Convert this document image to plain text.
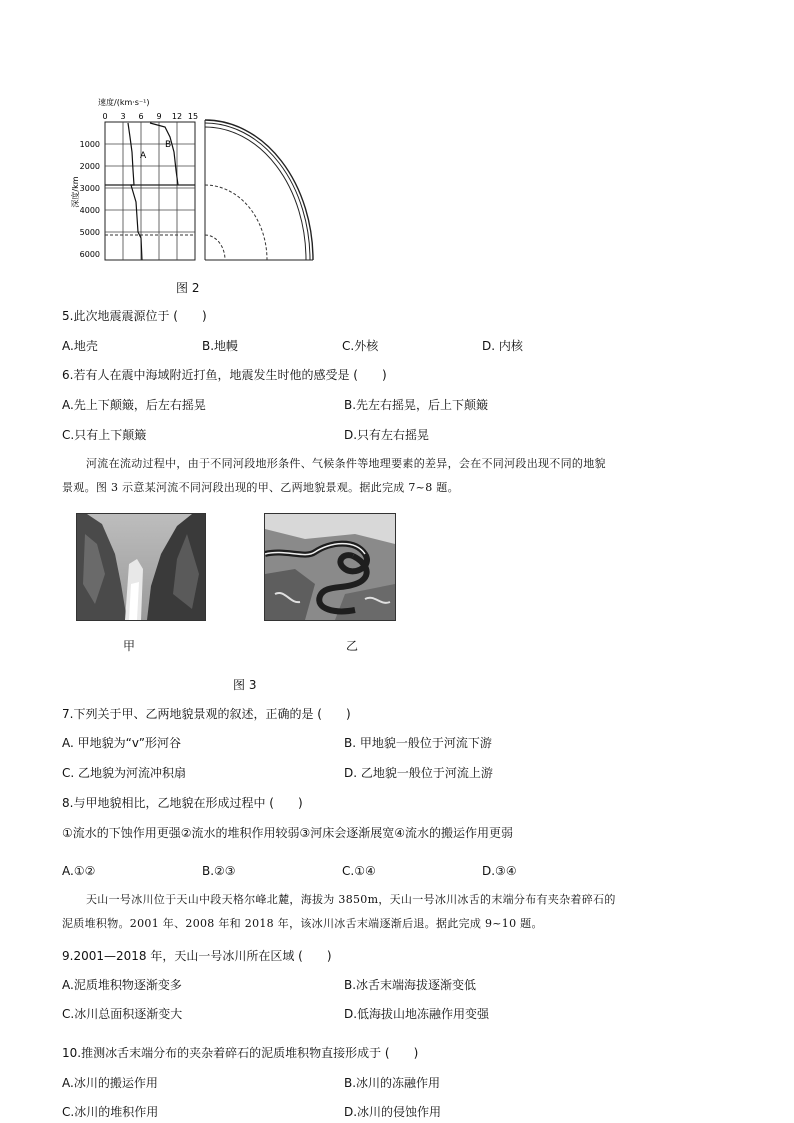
速度/(km·s⁻¹)
0 3 6 9 12 15
1000
2000
3000
4000
5000
6000
深度/km
A
B
图 2
5.此次地震震源位于 (　　)
A.地壳	B.地幔	C.外核	D. 内核
6.若有人在震中海域附近打鱼，地震发生时他的感受是 (　　)
A.先上下颠簸，后左右摇晃	B.先左右摇晃，后上下颠簸
C.只有上下颠簸	D.只有左右摇晃
河流在流动过程中，由于不同河段地形条件、气候条件等地理要素的差异，会在不同河段出现不同的地貌
景观。图 3 示意某河流不同河段出现的甲、乙两地貌景观。据此完成 7~8 题。
甲	乙
图 3
7.下列关于甲、乙两地貌景观的叙述，正确的是 (　　)
A. 甲地貌为“v”形河谷	B. 甲地貌一般位于河流下游
C. 乙地貌为河流冲积扇	D. 乙地貌一般位于河流上游
8.与甲地貌相比，乙地貌在形成过程中 (　　)
①流水的下蚀作用更强②流水的堆积作用较弱③河床会逐渐展宽④流水的搬运作用更弱
A.①②	B.②③	C.①④	D.③④
天山一号冰川位于天山中段天格尔峰北麓，海拔为 3850m，天山一号冰川冰舌的末端分布有夹杂着碎石的
泥质堆积物。2001 年、2008 年和 2018 年，该冰川冰舌末端逐渐后退。据此完成 9~10 题。
9.2001—2018 年，天山一号冰川所在区域 (　　)
A.泥质堆积物逐渐变多	B.冰舌末端海拔逐渐变低
C.冰川总面积逐渐变大	D.低海拔山地冻融作用变强
10.推测冰舌末端分布的夹杂着碎石的泥质堆积物直接形成于 (　　)
A.冰川的搬运作用	B.冰川的冻融作用
C.冰川的堆积作用	D.冰川的侵蚀作用
